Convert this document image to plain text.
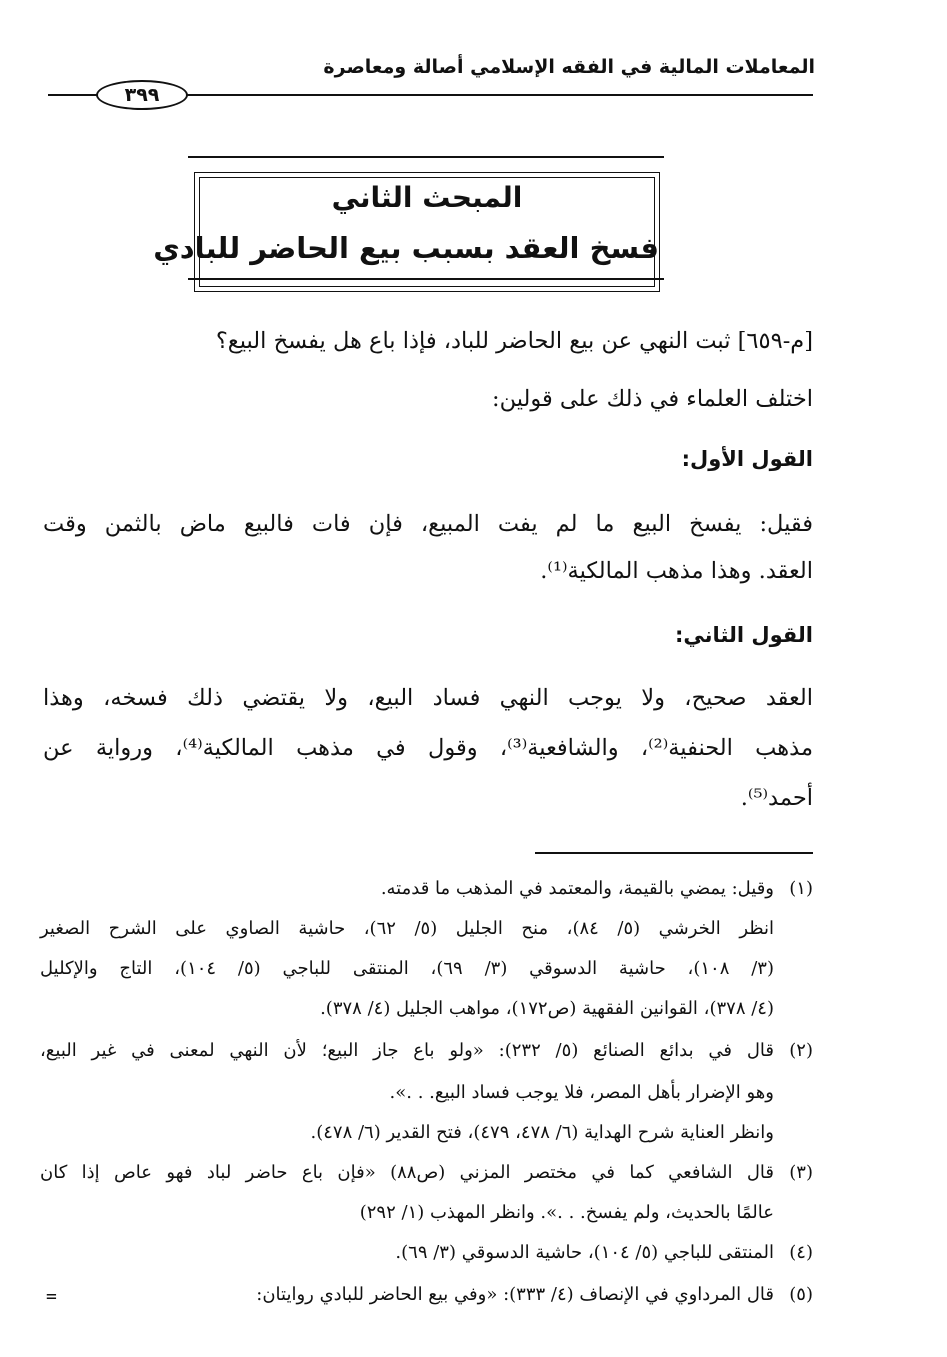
المعاملات المالية في الفقه الإسلامي أصالة ومعاصرة
٣٩٩
المبحث الثاني
فسخ العقد بسبب بيع الحاضر للبادي
[م-٦٥٩] ثبت النهي عن بيع الحاضر للباد، فإذا باع هل يفسخ البيع؟
اختلف العلماء في ذلك على قولين:
القول الأول:
فقيل: يفسخ البيع ما لم يفت المبيع، فإن فات فالبيع ماض بالثمن وقت
العقد. وهذا مذهب المالكية⁽¹⁾.
القول الثاني:
العقد صحيح، ولا يوجب النهي فساد البيع، ولا يقتضي ذلك فسخه، وهذا
مذهب الحنفية⁽²⁾، والشافعية⁽³⁾، وقول في مذهب المالكية⁽⁴⁾، ورواية عن
أحمد⁽⁵⁾.
(١)
وقيل: يمضي بالقيمة، والمعتمد في المذهب ما قدمته.
انظر الخرشي (٥/ ٨٤)، منح الجليل (٥/ ٦٢)، حاشية الصاوي على الشرح الصغير
(٣/ ١٠٨)، حاشية الدسوقي (٣/ ٦٩)، المنتقى للباجي (٥/ ١٠٤)، التاج والإكليل
(٤/ ٣٧٨)، القوانين الفقهية (ص١٧٢)، مواهب الجليل (٤/ ٣٧٨).
(٢)
قال في بدائع الصنائع (٥/ ٢٣٢): «ولو باع جاز البيع؛ لأن النهي لمعنى في غير البيع،
وهو الإضرار بأهل المصر، فلا يوجب فساد البيع. . .».
وانظر العناية شرح الهداية (٦/ ٤٧٨، ٤٧٩)، فتح القدير (٦/ ٤٧٨).
(٣)
قال الشافعي كما في مختصر المزني (ص٨٨) «فإن باع حاضر لباد فهو عاص إذا كان
عالمًا بالحديث، ولم يفسخ. . .». وانظر المهذب (١/ ٢٩٢)
(٤)
المنتقى للباجي (٥/ ١٠٤)، حاشية الدسوقي (٣/ ٦٩).
(٥)
قال المرداوي في الإنصاف (٤/ ٣٣٣): «وفي بيع الحاضر للبادي روايتان:
=
